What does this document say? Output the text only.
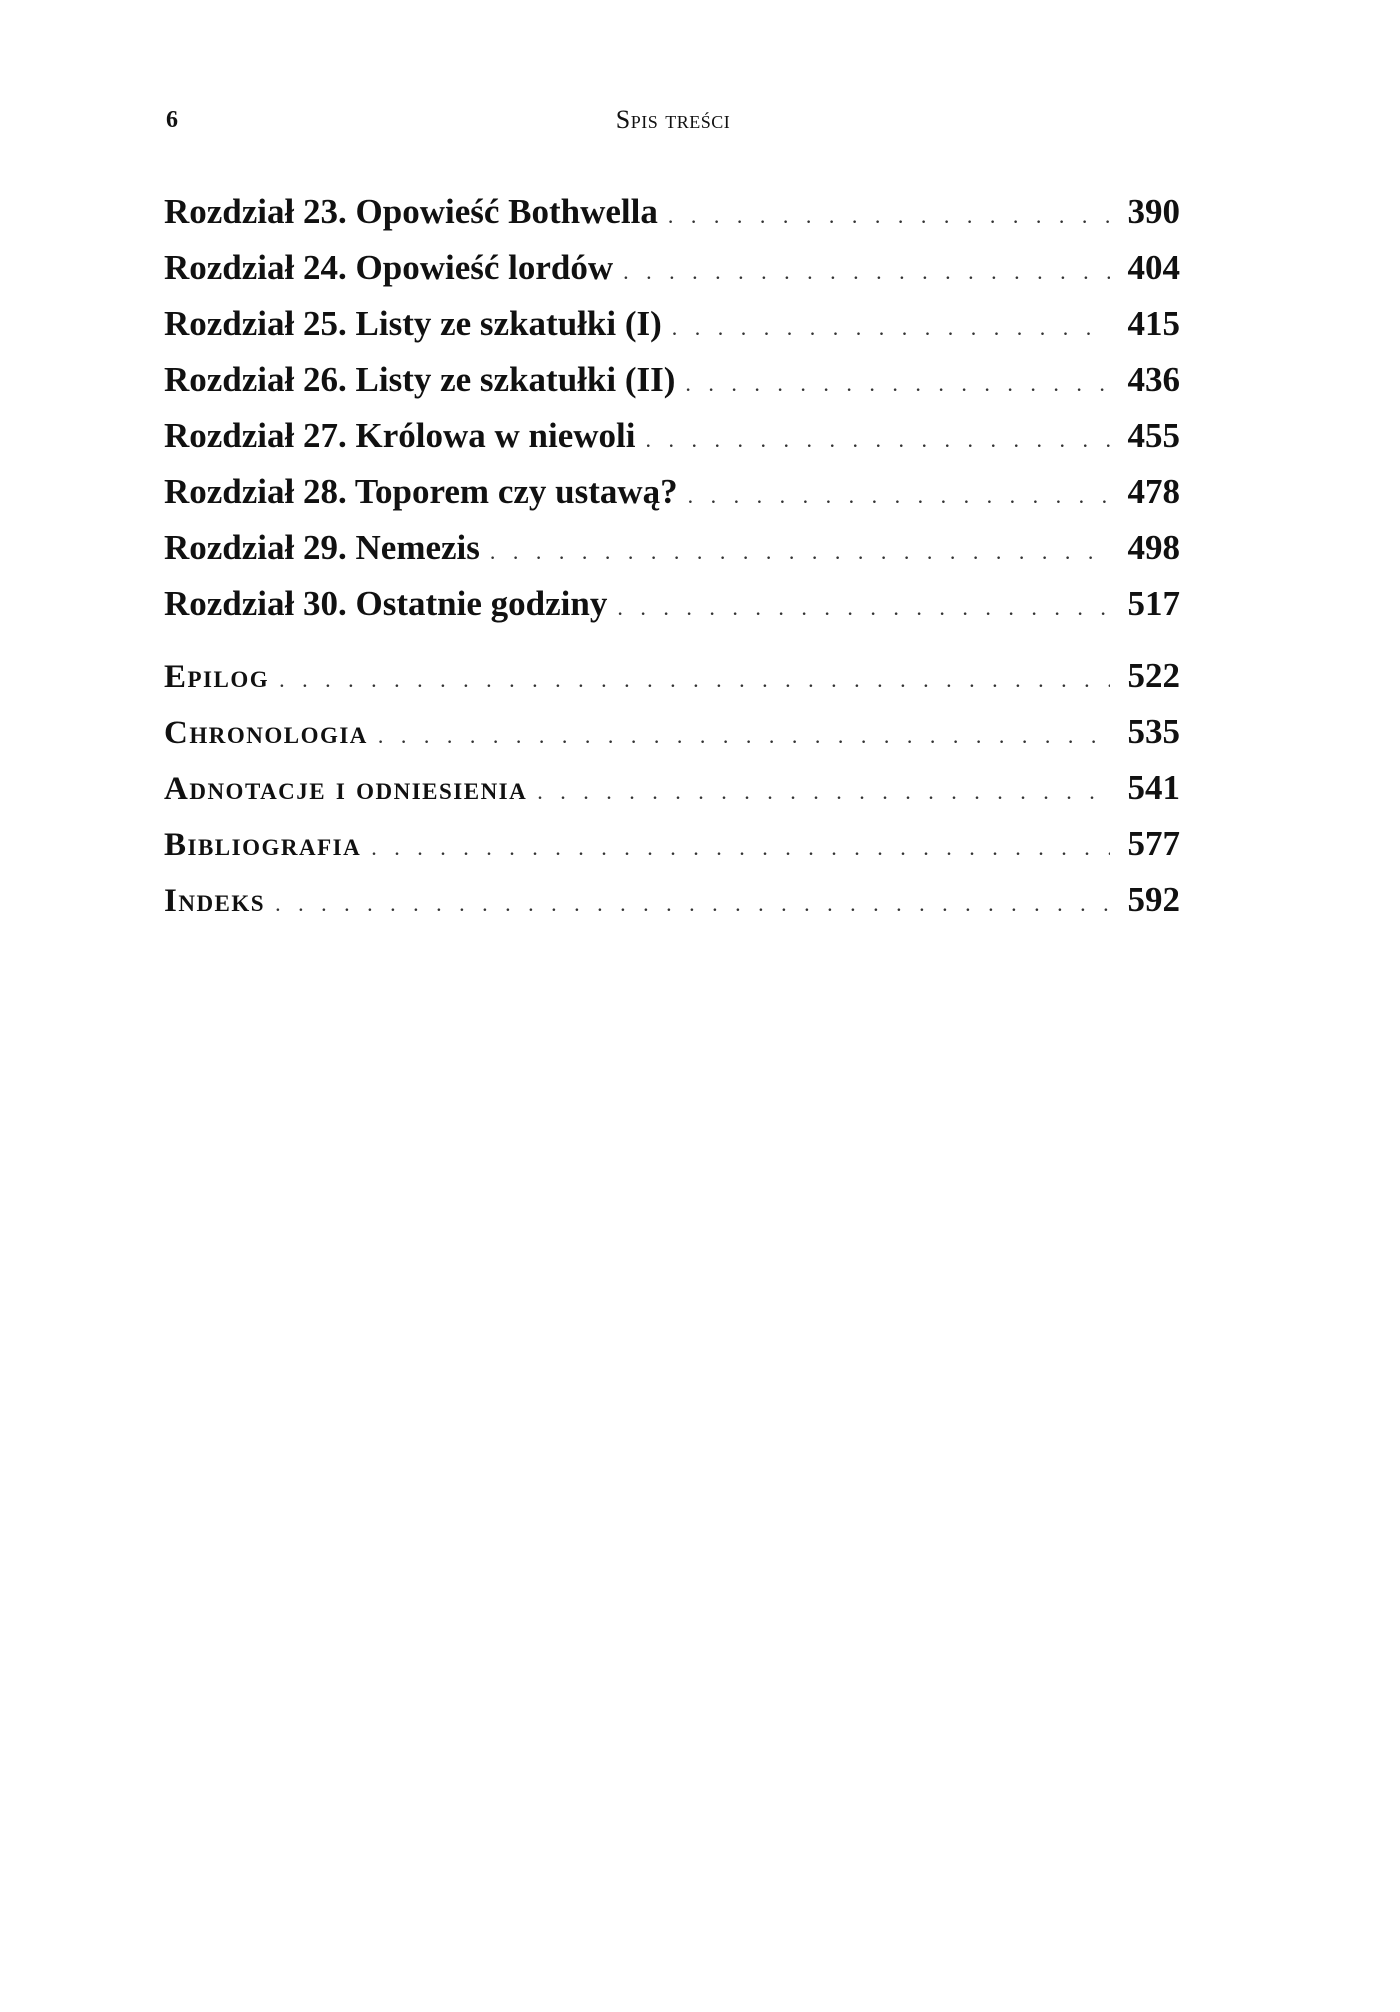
6	Spis treści
Rozdział 23. Opowieść Bothwella . . .	390
Rozdział 24. Opowieść lordów . . .	404
Rozdział 25. Listy ze szkatułki (I) . . .	415
Rozdział 26. Listy ze szkatułki (II) . . .	436
Rozdział 27. Królowa w niewoli . . .	455
Rozdział 28. Toporem czy ustawą? . . .	478
Rozdział 29. Nemezis . . .	498
Rozdział 30. Ostatnie godziny . . .	517
Epilog . . .	522
Chronologia . . .	535
Adnotacje i odniesienia . . .	541
Bibliografia . . .	577
Indeks . . .	592
